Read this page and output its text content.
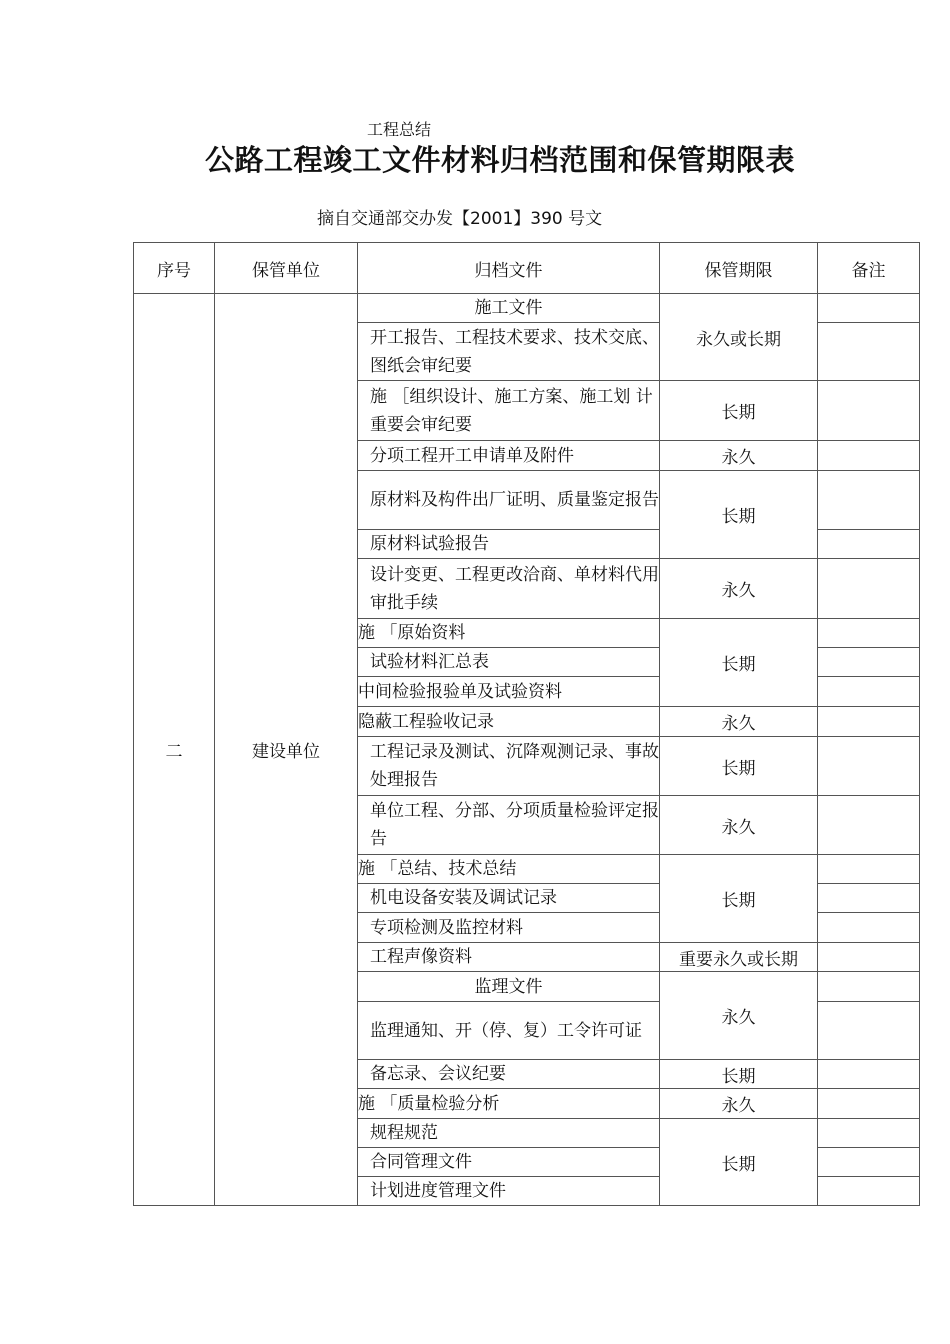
工程总结
公路工程竣工文件材料归档范围和保管期限表
摘自交通部交办发【2001】390 号文
序号	保管单位	归档文件	保管期限	备注
二	建设单位	施工文件	永久或长期	
		开工报告、工程技术要求、技术交底、图纸会审纪要		
		施 ［组织设计、施工方案、施工划 计重要会审纪要	长期	
		分项工程开工申请单及附件	永久	
		原材料及构件出厂证明、质量鉴定报告	长期	
		原材料试验报告		
		设计变更、工程更改洽商、单材料代用审批手续	永久	
		施 「原始资料	长期	
		试验材料汇总表		
		中间检验报验单及试验资料		
		隐蔽工程验收记录	永久	
		工程记录及测试、沉降观测记录、事故处理报告	长期	
		单位工程、分部、分项质量检验评定报告	永久	
		施 「总结、技术总结	长期	
		机电设备安装及调试记录		
		专项检测及监控材料		
		工程声像资料	重要永久或长期	
		监理文件	永久	
		监理通知、开（停、复）工令许可证		
		备忘录、会议纪要	长期	
		施 「质量检验分析	永久	
		规程规范	长期	
		合同管理文件		
		计划进度管理文件		
